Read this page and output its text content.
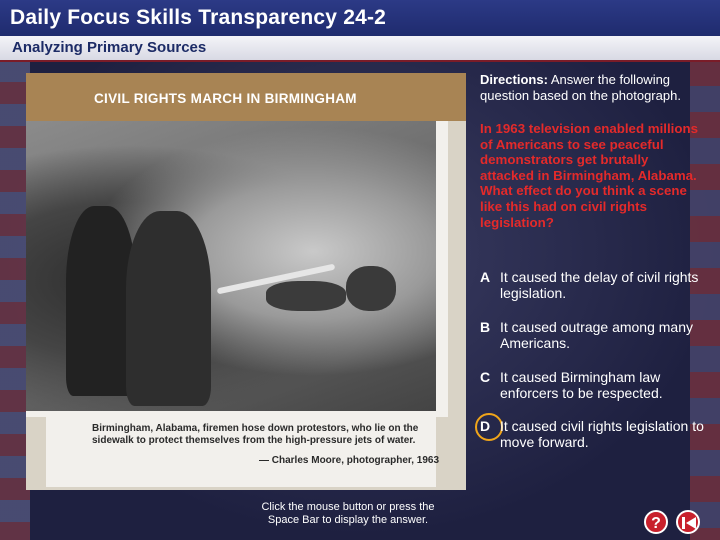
Daily Focus Skills Transparency 24-2
Analyzing Primary Sources
CIVIL RIGHTS MARCH IN BIRMINGHAM
Birmingham, Alabama, firemen hose down protestors, who lie on the sidewalk to protect themselves from the high-pressure jets of water.
— Charles Moore, photographer, 1963
Directions: Answer the following question based on the photograph.
In 1963 television enabled millions of Americans to see peaceful demonstrators get brutally attacked in Birmingham, Alabama. What effect do you think a scene like this had on civil rights legislation?
A It caused the delay of civil rights legislation.
B It caused outrage among many Americans.
C It caused Birmingham law enforcers to be respected.
D It caused civil rights legislation to move forward.
Click the mouse button or press the Space Bar to display the answer.	?
